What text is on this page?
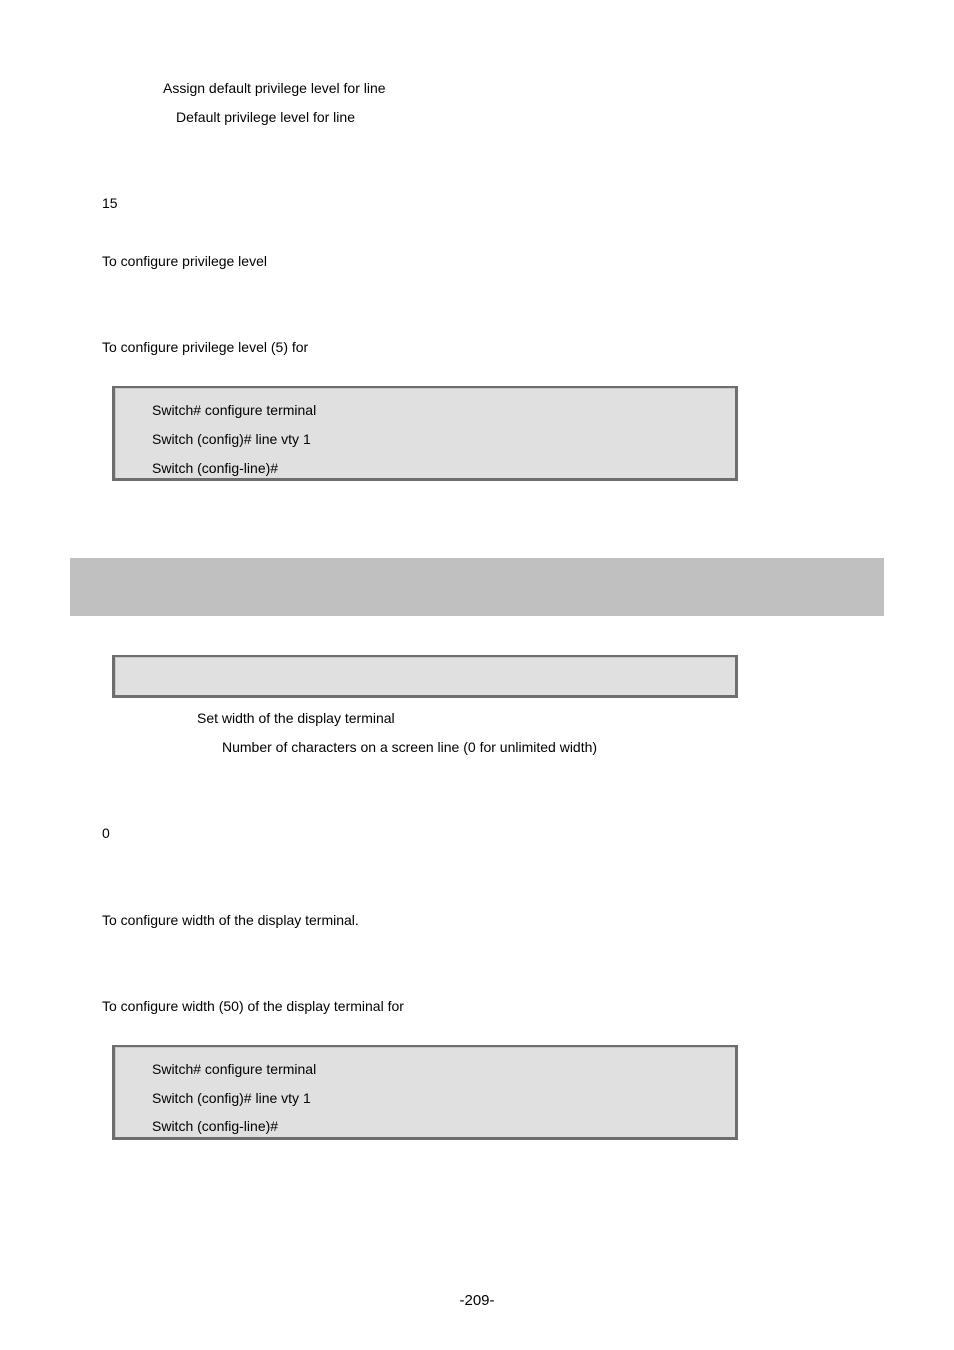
Assign default privilege level for line
Default privilege level for line
15
To configure privilege level
To configure privilege level (5) for
Switch# configure terminal
Switch (config)# line vty 1
Switch (config-line)#
Set width of the display terminal
Number of characters on a screen line (0 for unlimited width)
0
To configure width of the display terminal.
To configure width (50) of the display terminal for
Switch# configure terminal
Switch (config)# line vty 1
Switch (config-line)#
-209-
